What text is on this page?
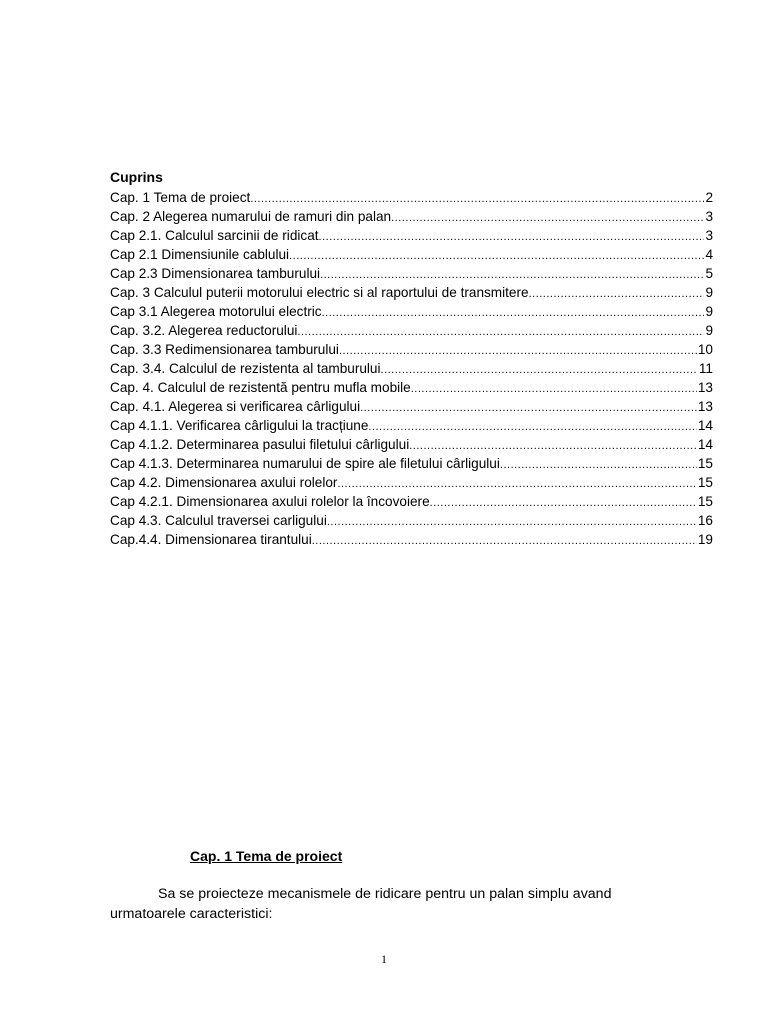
Cuprins
Cap. 1 Tema de proiect .....	2
Cap. 2 Alegerea numarului de ramuri din palan .....	3
Cap 2.1. Calculul sarcinii de ridicat .....	3
Cap 2.1 Dimensiunile cablului .....	4
Cap 2.3 Dimensionarea tamburului .....	5
Cap. 3 Calculul puterii motorului electric si al raportului de transmitere .....	9
Cap 3.1 Alegerea motorului electric .....	9
Cap. 3.2. Alegerea reductorului .....	9
Cap. 3.3 Redimensionarea tamburului .....	10
Cap. 3.4. Calculul de rezistenta al tamburului .....	11
Cap. 4. Calculul de rezistentă pentru mufla mobile .....	13
Cap. 4.1. Alegerea si verificarea cârligului .....	13
Cap 4.1.1. Verificarea cârligului la tracțiune .....	14
Cap 4.1.2. Determinarea pasului filetului cârligului .....	14
Cap 4.1.3. Determinarea numarului de spire ale filetului cârligului .....	15
Cap 4.2. Dimensionarea axului rolelor .....	15
Cap 4.2.1. Dimensionarea axului rolelor la încovoiere .....	15
Cap 4.3. Calculul traversei carligului .....	16
Cap.4.4. Dimensionarea tirantului .....	19
Cap. 1 Tema de proiect

Sa se proiecteze mecanismele de ridicare pentru un palan simplu avand urmatoarele caracteristici:

1
